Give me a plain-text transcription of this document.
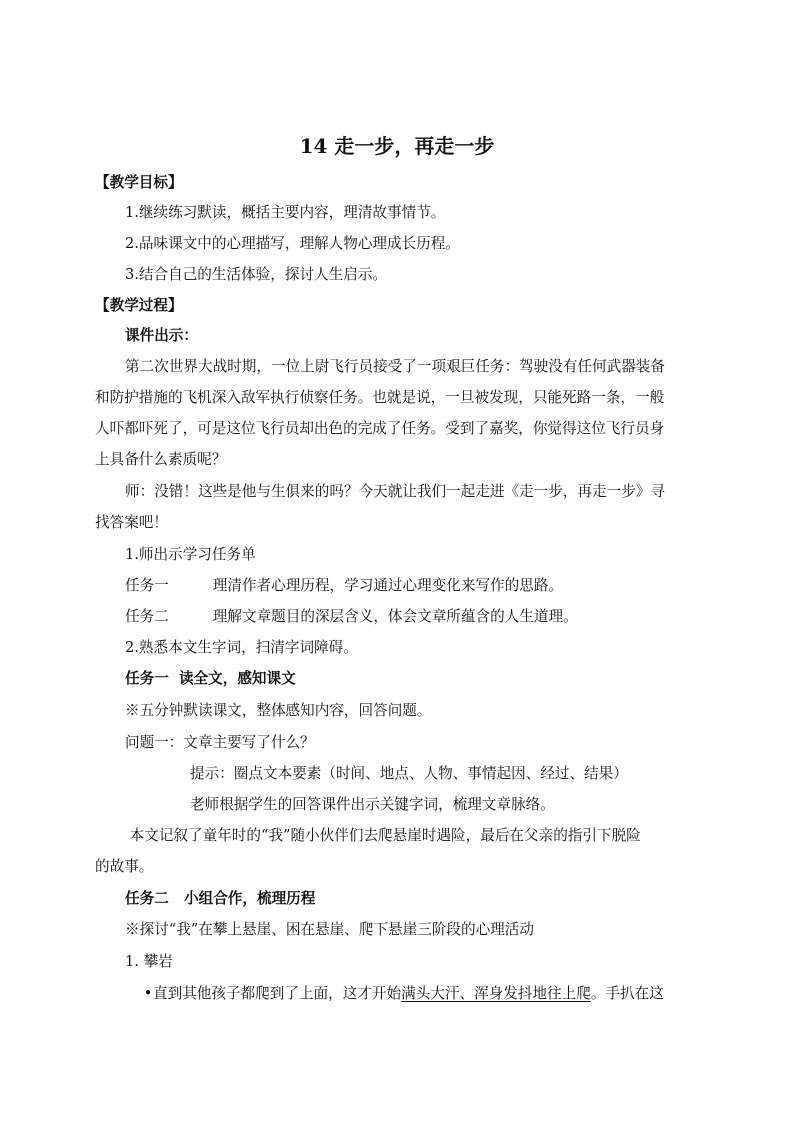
14 走一步，再走一步
【教学目标】
1.继续练习默读，概括主要内容，理清故事情节。
2.品味课文中的心理描写，理解人物心理成长历程。
3.结合自己的生活体验，探讨人生启示。
【教学过程】
课件出示：
第二次世界大战时期，一位上尉飞行员接受了一项艰巨任务：驾驶没有任何武器装备
和防护措施的飞机深入敌军执行侦察任务。也就是说，一旦被发现，只能死路一条，一般
人吓都吓死了，可是这位飞行员却出色的完成了任务。受到了嘉奖，你觉得这位飞行员身
上具备什么素质呢？
师：没错！这些是他与生俱来的吗？今天就让我们一起走进《走一步，再走一步》寻
找答案吧！
1.师出示学习任务单
任务一	理清作者心理历程，学习通过心理变化来写作的思路。
任务二	理解文章题目的深层含义，体会文章所蕴含的人生道理。
2.熟悉本文生字词，扫清字词障碍。
任务一  读全文，感知课文
※五分钟默读课文，整体感知内容，回答问题。
问题一：文章主要写了什么？
提示：圈点文本要素（时间、地点、人物、事情起因、经过、结果）
老师根据学生的回答课件出示关键字词，梳理文章脉络。
本文记叙了童年时的“我”随小伙伴们去爬悬崖时遇险，最后在父亲的指引下脱险
的故事。
任务二   小组合作，梳理历程
※探讨“我”在攀上悬崖、困在悬崖、爬下悬崖三阶段的心理活动
1. 攀岩
•直到其他孩子都爬到了上面，这才开始满头大汗、浑身发抖地往上爬。手扒在这
